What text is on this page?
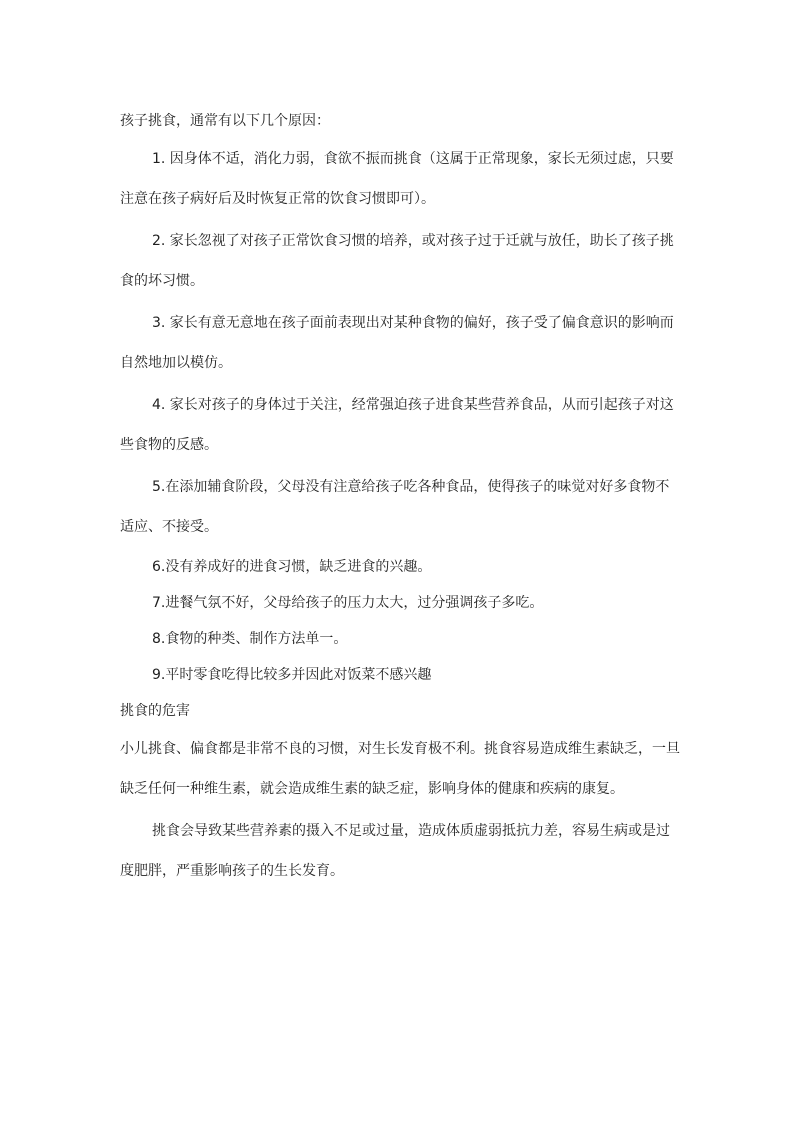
孩子挑食，通常有以下几个原因：

1. 因身体不适，消化力弱，食欲不振而挑食（这属于正常现象，家长无须过虑，只要注意在孩子病好后及时恢复正常的饮食习惯即可）。

2. 家长忽视了对孩子正常饮食习惯的培养，或对孩子过于迁就与放任，助长了孩子挑食的坏习惯。

3. 家长有意无意地在孩子面前表现出对某种食物的偏好，孩子受了偏食意识的影响而自然地加以模仿。

4. 家长对孩子的身体过于关注，经常强迫孩子进食某些营养食品，从而引起孩子对这些食物的反感。

5.在添加辅食阶段，父母没有注意给孩子吃各种食品，使得孩子的味觉对好多食物不适应、不接受。

6.没有养成好的进食习惯，缺乏进食的兴趣。

7.进餐气氛不好，父母给孩子的压力太大，过分强调孩子多吃。

8.食物的种类、制作方法单一。

9.平时零食吃得比较多并因此对饭菜不感兴趣

挑食的危害

小儿挑食、偏食都是非常不良的习惯，对生长发育极不利。挑食容易造成维生素缺乏，一旦缺乏任何一种维生素，就会造成维生素的缺乏症，影响身体的健康和疾病的康复。

挑食会导致某些营养素的摄入不足或过量，造成体质虚弱抵抗力差，容易生病或是过度肥胖，严重影响孩子的生长发育。
